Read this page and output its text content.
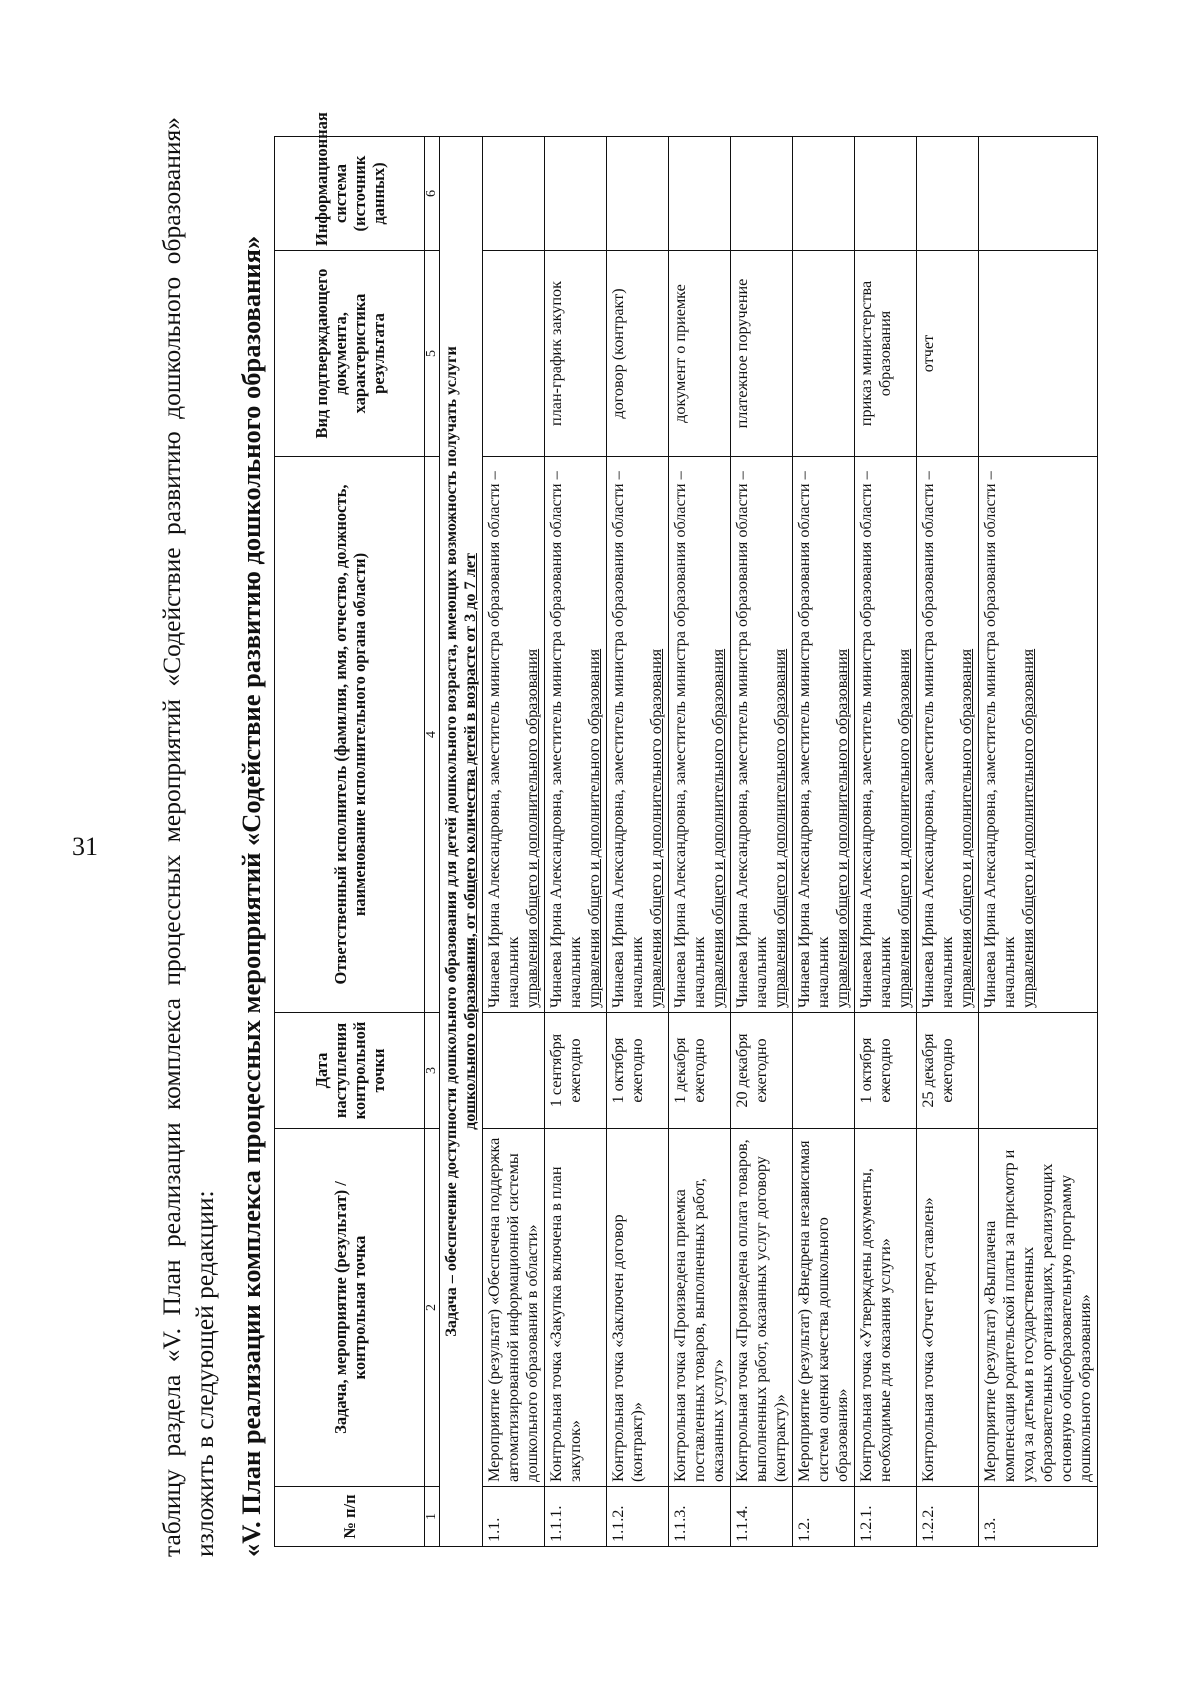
31 таблицу раздела «V. План реализации комплекса процессных мероприятий «Содействие развитию дошкольного образования» изложить в следующей редакции: «V. План реализации комплекса процессных мероприятий «Содействие развитию дошкольного образования»	№ п/п	Задача, мероприятие (результат) / контрольная точка	Дата наступления контрольной точки	Ответственный исполнитель (фамилия, имя, отчество, должность, наименование исполнительного органа области)	Вид подтверждающего документа, характеристика результата	Информационная система (источник данных)
1	2	3	4	5	6

Задача – обеспечение доступности дошкольного образования для детей дошкольного возраста, имеющих возможность получать услуги дошкольного образования, от общего количества детей в возрасте от 3 до 7 лет					

1.1.	Мероприятие (результат) «Обеспечена поддержка автоматизированной информационной системы дошкольного образования в области»		Чинаева Ирина Александровна, заместитель министра образования области – начальник управления общего и дополнительного образования		
1.1.1.	Контрольная точка «Закупка включена в план закупок»	1 сентября ежегодно	Чинаева Ирина Александровна, заместитель министра образования области – начальник управления общего и дополнительного образования	план-график закупок	
1.1.2.	Контрольная точка «Заключен договор (контракт)»	1 октября ежегодно	Чинаева Ирина Александровна, заместитель министра образования области – начальник управления общего и дополнительного образования	договор (контракт)	
1.1.3.	Контрольная точка «Произведена приемка поставленных товаров, выполненных работ, оказанных услуг»	1 декабря ежегодно	Чинаева Ирина Александровна, заместитель министра образования области – начальник управления общего и дополнительного образования	документ о приемке	
1.1.4.	Контрольная точка «Произведена оплата товаров, выполненных работ, оказанных услуг договору (контракту)»	20 декабря ежегодно	Чинаева Ирина Александровна, заместитель министра образования области – начальник управления общего и дополнительного образования	платежное поручение	
1.2.	Мероприятие (результат) «Внедрена независимая система оценки качества дошкольного образования»		Чинаева Ирина Александровна, заместитель министра образования области – начальник управления общего и дополнительного образования		
1.2.1.	Контрольная точка «Утверждены документы, необходимые для оказания услуги»	1 октября ежегодно	Чинаева Ирина Александровна, заместитель министра образования области – начальник управления общего и дополнительного образования	приказ министерства образования	
1.2.2.	Контрольная точка «Отчет пред ставлен»	25 декабря ежегодно	Чинаева Ирина Александровна, заместитель министра образования области – начальник управления общего и дополнительного образования	отчет	
1.3.	Мероприятие (результат) «Выплачена компенсация родительской платы за присмотр и уход за детьми в государственных образовательных организациях, реализующих основную общеобразовательную программу дошкольного образования»		Чинаева Ирина Александровна, заместитель министра образования области – начальник управления общего и дополнительного образования		
